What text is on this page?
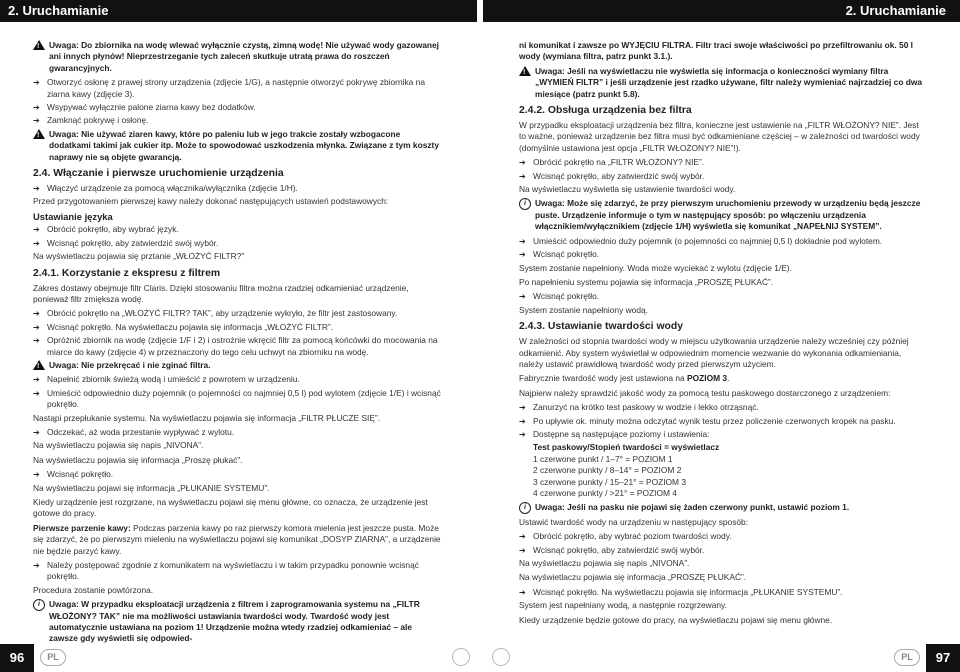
2. Uruchamianie	2. Uruchamianie
!
Uwaga: Do zbiornika na wodę wlewać wyłącznie czystą, zimną wodę! Nie używać wody gazowanej ani innych płynów! Nieprzestrzeganie tych zaleceń skutkuje utratą prawa do roszczeń gwarancyjnych.
➔ Otworzyć osłonę z prawej strony urządzenia (zdjęcie 1/G), a następnie otworzyć pokrywę zbiornika na ziarna kawy (zdjęcie 3).
➔ Wsypywać wyłącznie palone ziarna kawy bez dodatków.
➔ Zamknąć pokrywę i osłonę.
!
Uwaga: Nie używać ziaren kawy, które po paleniu lub w jego trakcie zostały wzbogacone dodatkami takimi jak cukier itp. Może to spowodować uszkodzenia młynka. Związane z tym koszty naprawy nie są objęte gwarancją.
2.4. Włączanie i pierwsze uruchomienie urządzenia
➔ Włączyć urządzenie za pomocą włącznika/wyłącznika (zdjęcie 1/H).
Przed przygotowaniem pierwszej kawy należy dokonać następujących ustawień podstawowych:
Ustawianie języka
➔ Obrócić pokrętło, aby wybrać język.
➔ Wcisnąć pokrętło, aby zatwierdzić swój wybór.
Na wyświetlaczu pojawia się prztanie „WŁOŻYĆ FILTR?”
2.4.1. Korzystanie z ekspresu z filtrem
Zakres dostawy obejmuje filtr Claris. Dzięki stosowaniu filtra można rzadziej odkamieniać urządzenie, ponieważ filtr zmiększa wodę.
➔ Obrócić pokrętło na „WŁOŻYĆ FILTR? TAK”, aby urządzenie wykryło, że filtr jest zastosowany.
➔ Wcisnąć pokrętło. Na wyświetlaczu pojawia się informacja „WŁOŻYĆ FILTR”.
➔ Opróżnić zbiornik na wodę (zdjęcie 1/F i 2) i ostrożnie wkręcić filtr za pomocą końcówki do mocowania na miarce do kawy (zdjęcie 4) w przeznaczony do tego celu uchwyt na zbiorniku na wodę.
!
Uwaga: Nie przekręcać i nie zginać filtra.
➔ Napełnić zbiornik świeżą wodą i umieścić z powrotem w urządzeniu.
➔ Umieścić odpowiednio duży pojemnik (o pojemności co najmniej 0,5 l) pod wylotem (zdjęcie 1/E) i wcisnąć pokrętło.
Nastąpi przepłukanie systemu. Na wyświetlaczu pojawia się informacja „FILTR PŁUCZE SIĘ”.
➔ Odczekać, aż woda przestanie wypływać z wylotu.
Na wyświetlaczu pojawia się napis „NIVONA”.
Na wyświetlaczu pojawia się informacja „Proszę płukać”.
➔ Wcisnąć pokrętło.
Na wyświetlaczu pojawi się informacja „PŁUKANIE SYSTEMU”.
Kiedy urządzenie jest rozgrzane, na wyświetlaczu pojawi się menu główne, co oznacza, że urządzenie jest gotowe do pracy.
Pierwsze parzenie kawy: Podczas parzenia kawy po raz pierwszy komora mielenia jest jeszcze pusta. Może się zdarzyć, że po pierwszym mieleniu na wyświetlaczu pojawi się komunikat „DOSYP ZIARNA”, a urządzenie nie będzie parzyć kawy.
➔ Należy postępować zgodnie z komunikatem na wyświetlaczu i w takim przypadku ponownie wcisnąć pokrętło.
Procedura zostanie powtórzona.
i	Uwaga: W przypadku eksploatacji urządzenia z filtrem i zaprogramowania systemu na „FILTR WŁOŻONY? TAK” nie ma możliwości ustawiania twardości wody. Twardość wody jest automatycznie ustawiana na poziom 1! Urządzenie można wtedy rzadziej odkamieniać – ale zawsze gdy wyświetli się odpowied-
ni komunikat i zawsze po WYJĘCIU FILTRA. Filtr traci swoje właściwości po przefiltrowaniu ok. 50 l wody (wymiana filtra, patrz punkt 3.1.).
!
Uwaga: Jeśli na wyświetlaczu nie wyświetla się informacja o konieczności wymiany filtra „WYMIEŃ FILTR” i jeśli urządzenie jest rzadko używane, filtr należy wymieniać najrzadziej co dwa miesiące (patrz punkt 5.8).
2.4.2. Obsługa urządzenia bez filtra
W przypadku eksploatacji urządzenia bez filtra, konieczne jest ustawienie na „FILTR WŁOŻONY? NIE”. Jest to ważne, ponieważ urządzenie bez filtra musi być odkamieniane częściej – w zależności od twardości wody (domyślnie ustawiona jest opcja „FILTR WŁOŻONY? NIE”!).
➔ Obrócić pokrętło na „FILTR WŁOŻONY? NIE”.
➔ Wcisnąć pokrętło, aby zatwierdzić swój wybór.
Na wyświetlaczu wyświetla się ustawienie twardości wody.
i	Uwaga: Może się zdarzyć, że przy pierwszym uruchomieniu przewody w urządzeniu będą jeszcze puste. Urządzenie informuje o tym w następujący sposób: po włączeniu urządzenia włącznikiem/wyłącznikiem (zdjęcie 1/H) wyświetla się komunikat „NAPEŁNIJ SYSTEM”.
➔ Umieścić odpowiednio duży pojemnik (o pojemności co najmniej 0,5 l) dokładnie pod wylotem.
➔ Wcisnąć pokrętło.
System zostanie napełniony. Woda może wyciekać z wylotu (zdjęcie 1/E).
Po napełnieniu systemu pojawia się informacja „PROSZĘ PŁUKAĆ”.
➔ Wcisnąć pokrętło.
System zostanie napełniony wodą.
2.4.3. Ustawianie twardości wody
W zależności od stopnia twardości wody w miejscu użytkowania urządzenie należy wcześniej czy później odkamienić. Aby system wyświetlał w odpowiednim momencie wezwanie do wykonania odkamieniania, należy ustawić prawidłową twardość wody przed pierwszym użyciem.
Fabrycznie twardość wody jest ustawiona na POZIOM 3.
Najpierw należy sprawdzić jakość wody za pomocą testu paskowego dostarczonego z urządzeniem:
➔ Zanurzyć na krótko test paskowy w wodzie i lekko otrząsnąć.
➔ Po upływie ok. minuty można odczytać wynik testu przez policzenie czerwonych kropek na pasku.
➔ Dostępne są następujące poziomy i ustawienia:
Test paskowy/Stopień twardości = wyświetlacz
1 czerwone punkt / 1–7° = POZIOM 1
2 czerwone punkty / 8–14° = POZIOM 2
3 czerwone punkty / 15–21° = POZIOM 3
4 czerwone punkty / >21° = POZIOM 4
i	Uwaga: Jeśli na pasku nie pojawi się żaden czerwony punkt, ustawić poziom 1.
Ustawić twardość wody na urządzeniu w następujący sposób:
➔ Obrócić pokrętło, aby wybrać poziom twardości wody.
➔ Wcisnąć pokrętło, aby zatwierdzić swój wybór.
Na wyświetlaczu pojawia się napis „NIVONA”.
Na wyświetlaczu pojawia się informacja „PROSZĘ PŁUKAĆ”.
➔ Wcisnąć pokrętło. Na wyświetlaczu pojawia się informacja „PŁUKANIE SYSTEMU”.
System jest napełniany wodą, a następnie rozgrzewany.
Kiedy urządzenie będzie gotowe do pracy, na wyświetlaczu pojawi się menu główne.
96	PL	PL	97
